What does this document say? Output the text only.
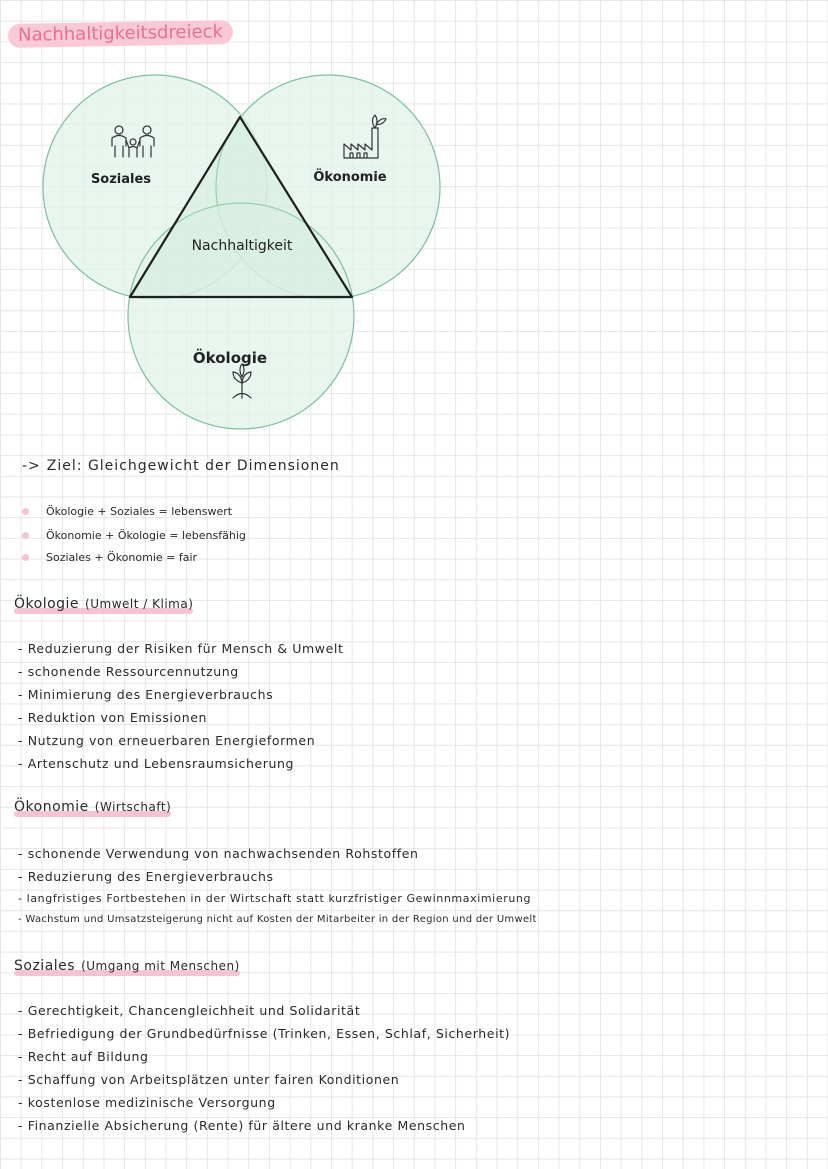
Nachhaltigkeitsdreieck
Soziales	Ökonomie
Nachhaltigkeit
Ökologie
-> Ziel: Gleichgewicht der Dimensionen
Ökologie + Soziales = lebenswert
Ökonomie + Ökologie = lebensfähig
Soziales + Ökonomie = fair
Ökologie (Umwelt / Klima)
- Reduzierung der Risiken für Mensch & Umwelt
- schonende Ressourcennutzung
- Minimierung des Energieverbrauchs
- Reduktion von Emissionen
- Nutzung von erneuerbaren Energieformen
- Artenschutz und Lebensraumsicherung
Ökonomie (Wirtschaft)
- schonende Verwendung von nachwachsenden Rohstoffen
- Reduzierung des Energieverbrauchs
- langfristiges Fortbestehen in der Wirtschaft statt kurzfristiger Gewinnmaximierung
- Wachstum und Umsatzsteigerung nicht auf Kosten der Mitarbeiter in der Region und der Umwelt
Soziales (Umgang mit Menschen)
- Gerechtigkeit, Chancengleichheit und Solidarität
- Befriedigung der Grundbedürfnisse (Trinken, Essen, Schlaf, Sicherheit)
- Recht auf Bildung
- Schaffung von Arbeitsplätzen unter fairen Konditionen
- kostenlose medizinische Versorgung
- Finanzielle Absicherung (Rente) für ältere und kranke Menschen
